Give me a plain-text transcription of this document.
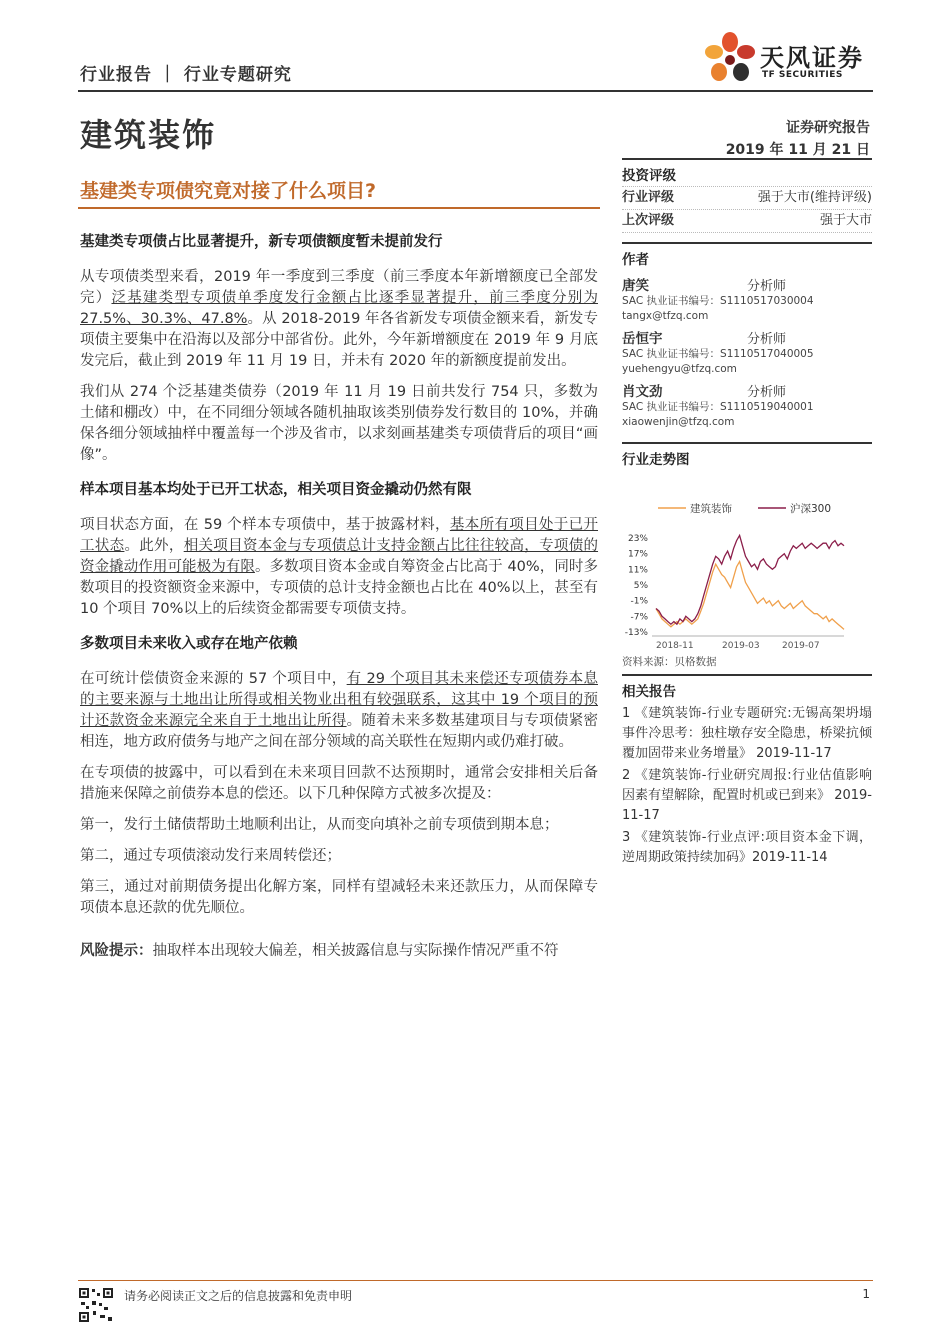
行业报告 ｜ 行业专题研究
天风证券
TF SECURITIES
建筑装饰	证券研究报告
2019 年 11 月 21 日
基建类专项债究竟对接了什么项目?
基建类专项债占比显著提升，新专项债额度暂未提前发行

从专项债类型来看，2019 年一季度到三季度（前三季度本年新增额度已全部发完）泛基建类型专项债单季度发行金额占比逐季显著提升，前三季度分别为 27.5%、30.3%、47.8%。从 2018-2019 年各省新发专项债金额来看，新发专项债主要集中在沿海以及部分中部省份。此外，今年新增额度在 2019 年 9 月底发完后，截止到 2019 年 11 月 19 日，并未有 2020 年的新额度提前发出。

我们从 274 个泛基建类债券（2019 年 11 月 19 日前共发行 754 只，多数为土储和棚改）中，在不同细分领域各随机抽取该类别债券发行数目的 10%，并确保各细分领域抽样中覆盖每一个涉及省市，以求刻画基建类专项债背后的项目“画像”。

样本项目基本均处于已开工状态，相关项目资金撬动仍然有限

项目状态方面，在 59 个样本专项债中，基于披露材料，基本所有项目处于已开工状态。此外，相关项目资本金与专项债总计支持金额占比往往较高，专项债的资金撬动作用可能极为有限。多数项目资本金或自筹资金占比高于 40%，同时多数项目的投资额资金来源中，专项债的总计支持金额也占比在 40%以上，甚至有 10 个项目 70%以上的后续资金都需要专项债支持。

多数项目未来收入或存在地产依赖

在可统计偿债资金来源的 57 个项目中，有 29 个项目其未来偿还专项债券本息的主要来源与土地出让所得或相关物业出租有较强联系，这其中 19 个项目的预计还款资金来源完全来自于土地出让所得。随着未来多数基建项目与专项债紧密相连，地方政府债务与地产之间在部分领域的高关联性在短期内或仍难打破。

在专项债的披露中，可以看到在未来项目回款不达预期时，通常会安排相关后备措施来保障之前债券本息的偿还。以下几种保障方式被多次提及：

第一，发行土储债帮助土地顺利出让，从而变向填补之前专项债到期本息；

第二，通过专项债滚动发行来周转偿还；

第三，通过对前期债务提出化解方案，同样有望减轻未来还款压力，从而保障专项债本息还款的优先顺位。

风险提示：抽取样本出现较大偏差，相关披露信息与实际操作情况严重不符

投资评级
行业评级	强于大市(维持评级)
上次评级	强于大市
作者
唐笑	分析师
SAC 执业证书编号：S1110517030004
tangx@tfzq.com
岳恒宇	分析师
SAC 执业证书编号：S1110517040005
yuehengyu@tfzq.com
肖文劲	分析师
SAC 执业证书编号：S1110519040001
xiaowenjin@tfzq.com
行业走势图
建筑装饰	沪深300
23%
17%
11%
5%
-1%
-7%
-13%
2018-11	2019-03 2019-07
资料来源：贝格数据
相关报告

1 《建筑装饰-行业专题研究:无锡高架坍塌事件冷思考：独柱墩存安全隐患，桥梁抗倾覆加固带来业务增量》 2019-11-17

2 《建筑装饰-行业研究周报:行业估值影响因素有望解除，配置时机或已到来》 2019-11-17

3 《建筑装饰-行业点评:项目资本金下调，逆周期政策持续加码》2019-11-14

请务必阅读正文之后的信息披露和免责申明	1
